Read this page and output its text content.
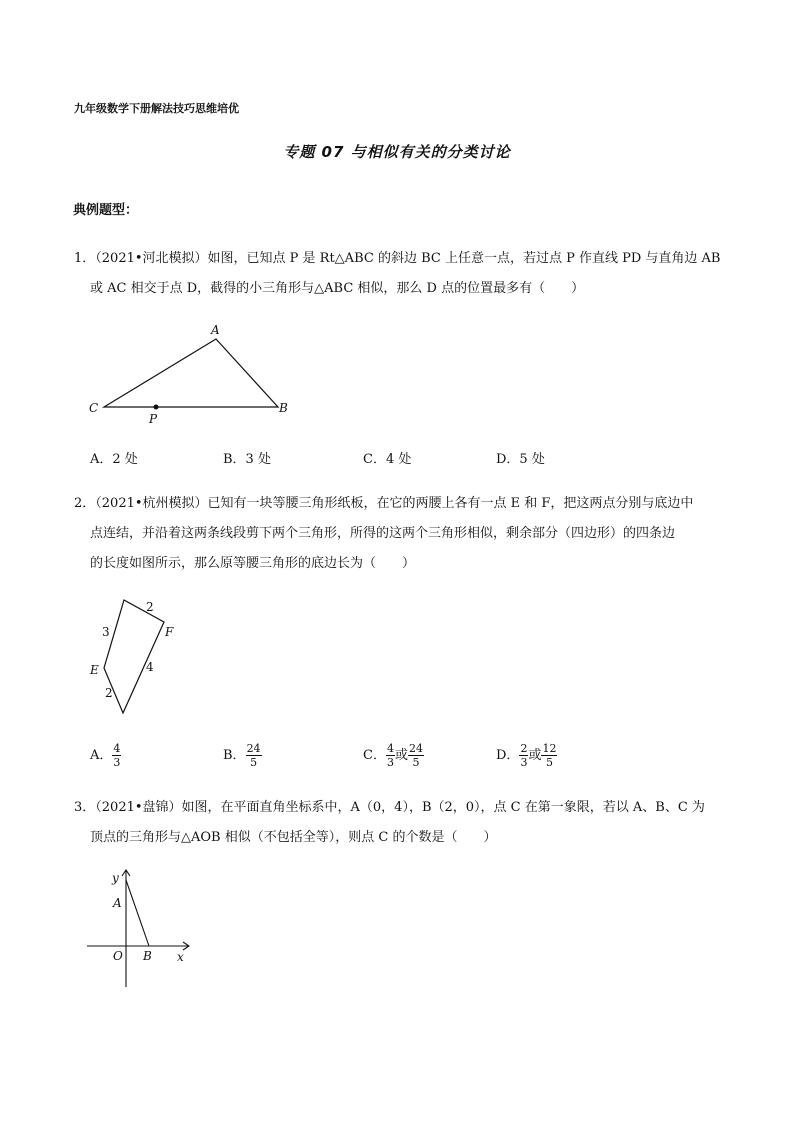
九年级数学下册解法技巧思维培优
专题 07 与相似有关的分类讨论
典例题型：
1．（2021•河北模拟）如图，已知点 P 是 Rt△ABC 的斜边 BC 上任意一点，若过点 P 作直线 PD 与直角边 AB
或 AC 相交于点 D，截得的小三角形与△ABC 相似，那么 D 点的位置最多有（　　）
A
C	B
P
A．2 处	B．3 处	C．4 处	D．5 处
2．（2021•杭州模拟）已知有一块等腰三角形纸板，在它的两腰上各有一点 E 和 F，把这两点分别与底边中
点连结，并沿着这两条线段剪下两个三角形，所得的这两个三角形相似，剩余部分（四边形）的四条边
的长度如图所示，那么原等腰三角形的底边长为（　　）
2
3	F
4
E
2
A． $\frac{4}{3}$	B． $\frac{24}{5}$	C． $\frac{4}{3}$ 或 $\frac{24}{5}$	D． $\frac{2}{3}$ 或 $\frac{12}{5}$
3．（2021•盘锦）如图，在平面直角坐标系中，A（0，4），B（2，0），点 C 在第一象限，若以 A、B、C 为
顶点的三角形与△AOB 相似（不包括全等），则点 C 的个数是（　　）
y
A
O B x
